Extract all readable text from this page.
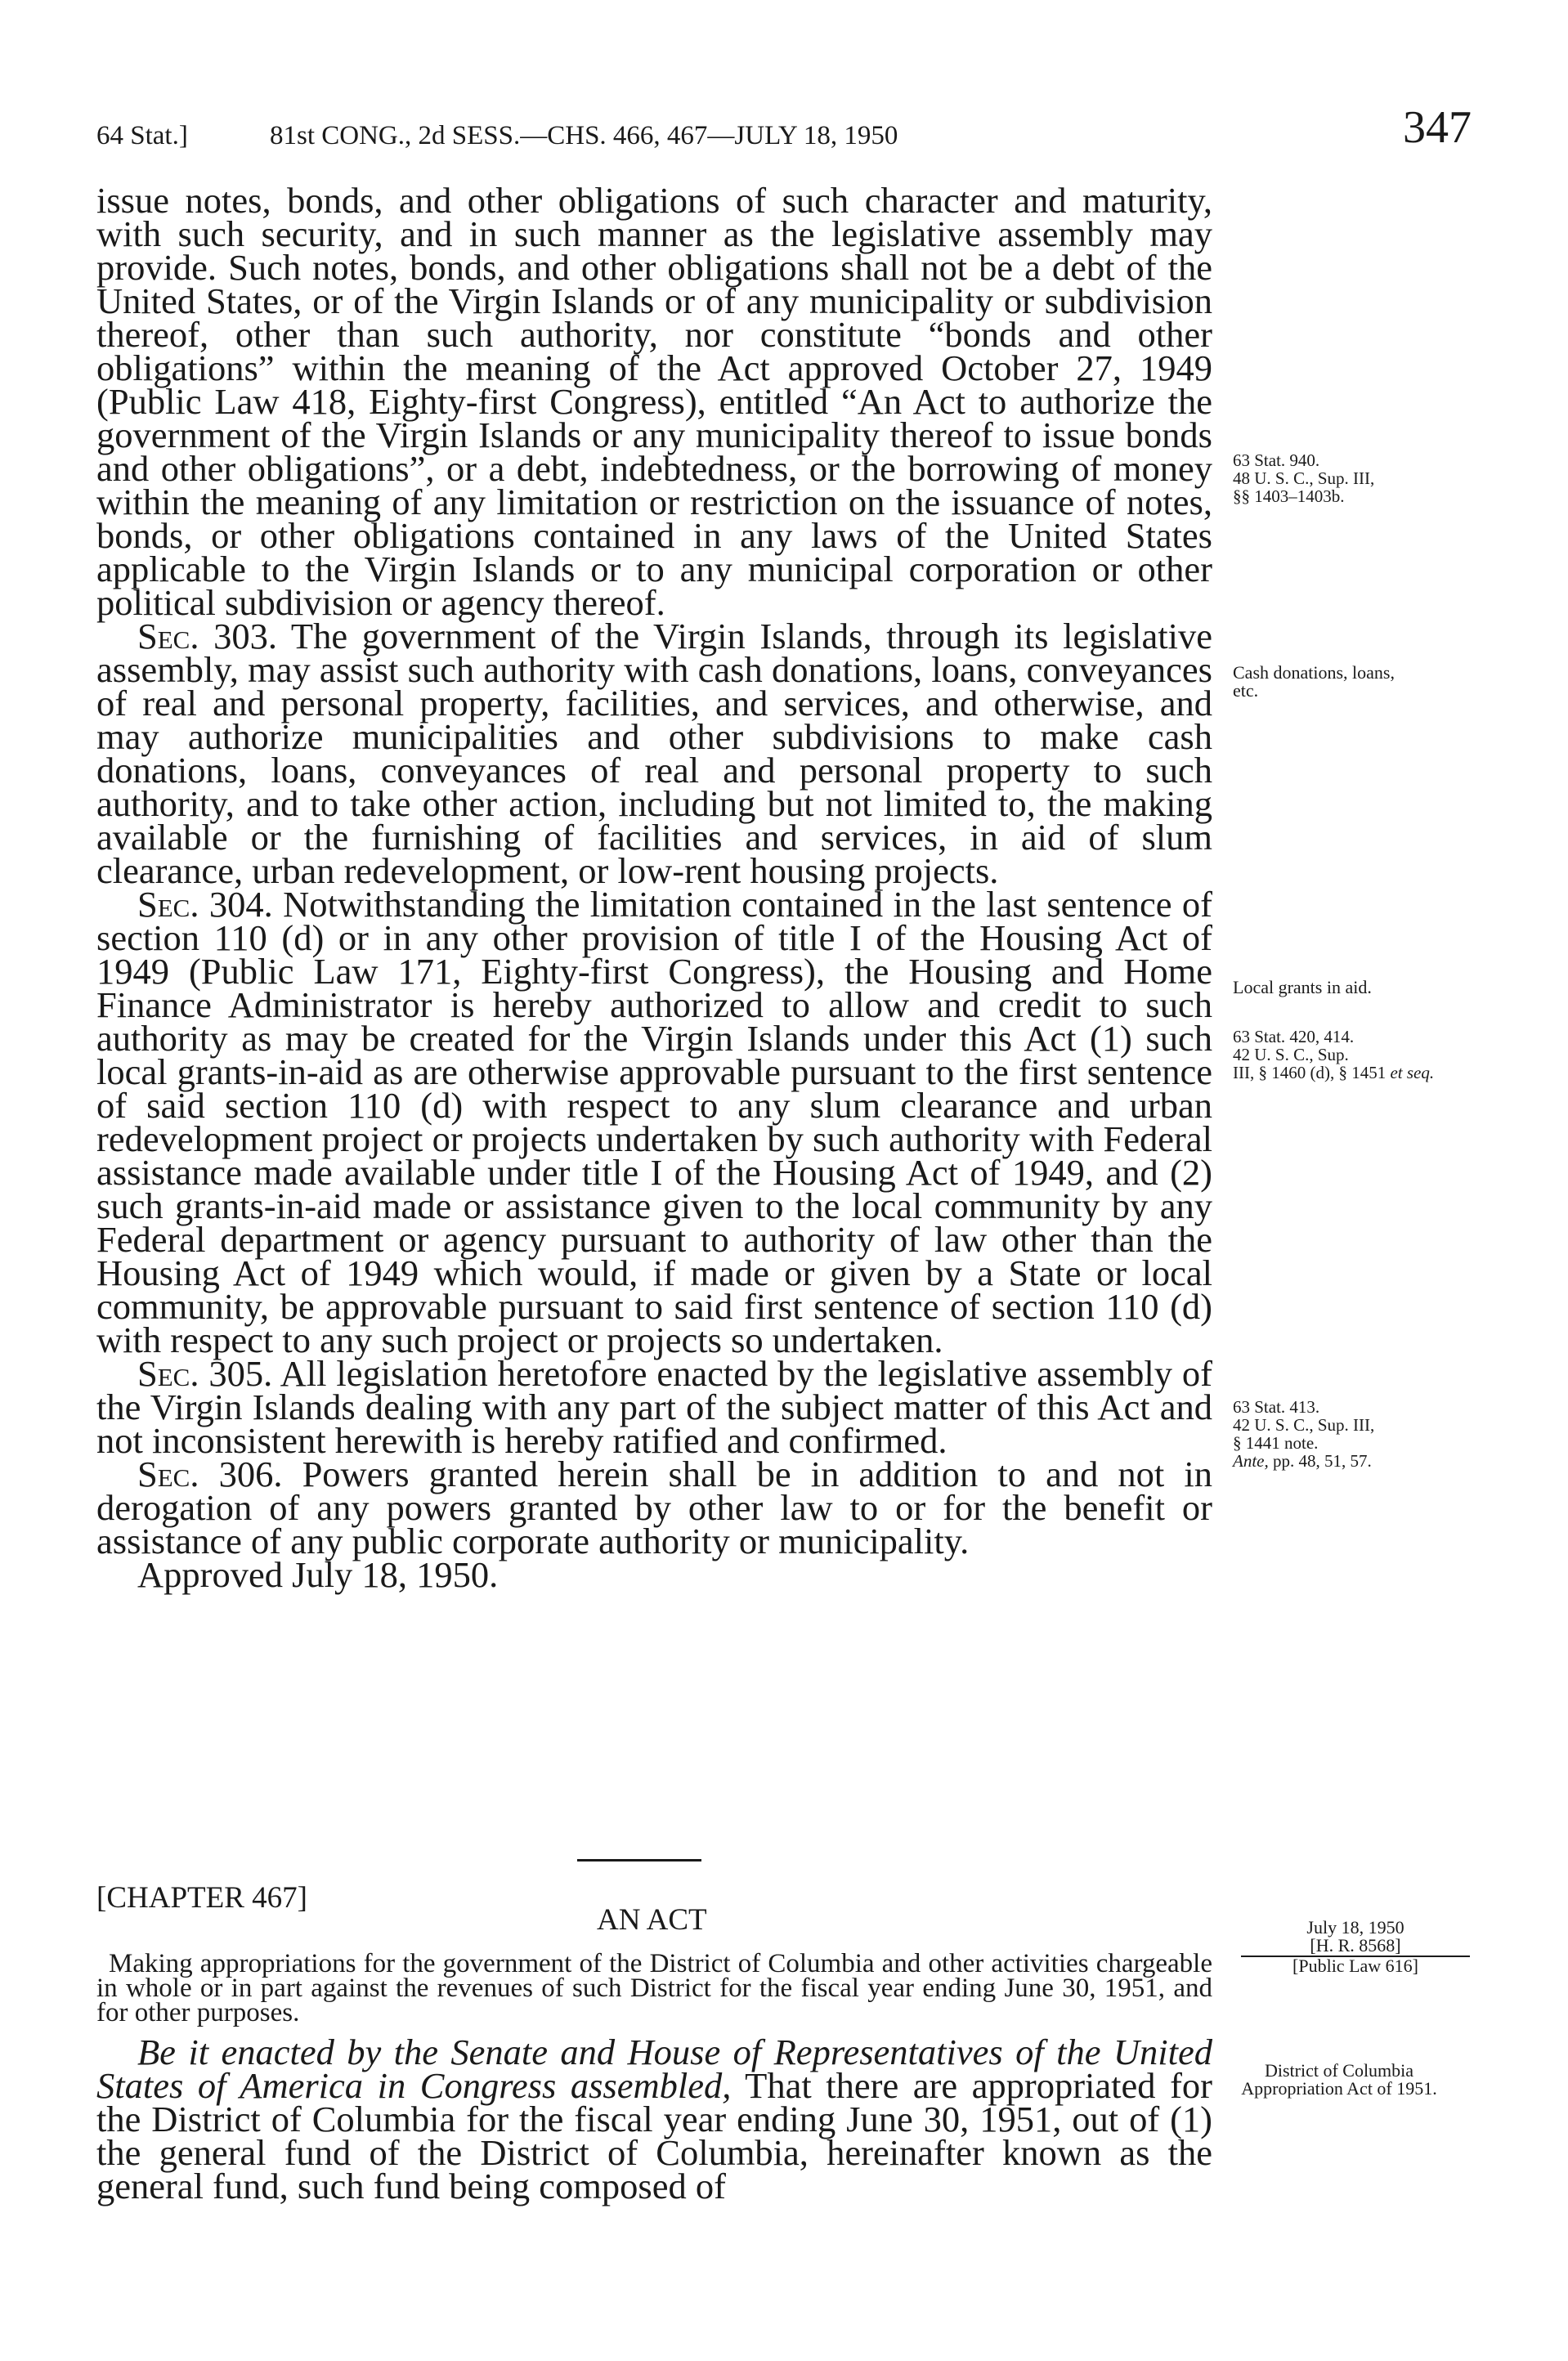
64 Stat.]	81st CONG., 2d SESS.—CHS. 466, 467—JULY 18, 1950	347

issue notes, bonds, and other obligations of such character and maturity, with such security, and in such manner as the legislative assembly may provide. Such notes, bonds, and other obligations shall not be a debt of the United States, or of the Virgin Islands or of any municipality or subdivision thereof, other than such authority, nor constitute “bonds and other obligations” within the meaning of the Act approved October 27, 1949 (Public Law 418, Eighty-first Congress), entitled “An Act to authorize the government of the Virgin Islands or any municipality thereof to issue bonds and other obligations”, or a debt, indebtedness, or the borrowing of money within the meaning of any limitation or restriction on the issuance of notes, bonds, or other obligations contained in any laws of the United States applicable to the Virgin Islands or to any municipal corporation or other political subdivision or agency thereof.

Sec. 303. The government of the Virgin Islands, through its legislative assembly, may assist such authority with cash donations, loans, conveyances of real and personal property, facilities, and services, and otherwise, and may authorize municipalities and other subdivisions to make cash donations, loans, conveyances of real and personal property to such authority, and to take other action, including but not limited to, the making available or the furnishing of facilities and services, in aid of slum clearance, urban redevelopment, or low-rent housing projects.

Sec. 304. Notwithstanding the limitation contained in the last sentence of section 110 (d) or in any other provision of title I of the Housing Act of 1949 (Public Law 171, Eighty-first Congress), the Housing and Home Finance Administrator is hereby authorized to allow and credit to such authority as may be created for the Virgin Islands under this Act (1) such local grants-in-aid as are otherwise approvable pursuant to the first sentence of said section 110 (d) with respect to any slum clearance and urban redevelopment project or projects undertaken by such authority with Federal assistance made available under title I of the Housing Act of 1949, and (2) such grants-in-aid made or assistance given to the local community by any Federal department or agency pursuant to authority of law other than the Housing Act of 1949 which would, if made or given by a State or local community, be approvable pursuant to said first sentence of section 110 (d) with respect to any such project or projects so undertaken.

Sec. 305. All legislation heretofore enacted by the legislative assembly of the Virgin Islands dealing with any part of the subject matter of this Act and not inconsistent herewith is hereby ratified and confirmed.

Sec. 306. Powers granted herein shall be in addition to and not in derogation of any powers granted by other law to or for the benefit or assistance of any public corporate authority or municipality.

Approved July 18, 1950.

[CHAPTER 467]
AN ACT
Making appropriations for the government of the District of Columbia and other activities chargeable in whole or in part against the revenues of such District for the fiscal year ending June 30, 1951, and for other purposes.

Be it enacted by the Senate and House of Representatives of the United States of America in Congress assembled, That there are appropriated for the District of Columbia for the fiscal year ending June 30, 1951, out of (1) the general fund of the District of Columbia, hereinafter known as the general fund, such fund being composed of

63 Stat. 940.
48 U. S. C., Sup. III,
§§ 1403–1403b.
Cash donations, loans, etc.
Local grants in aid.
63 Stat. 420, 414.
42 U. S. C., Sup.
III, § 1460 (d), § 1451 et seq.
63 Stat. 413.
42 U. S. C., Sup. III,
§ 1441 note.
Ante, pp. 48, 51, 57.
July 18, 1950
[H. R. 8568]
[Public Law 616]
District of Columbia Appropriation Act of 1951.
